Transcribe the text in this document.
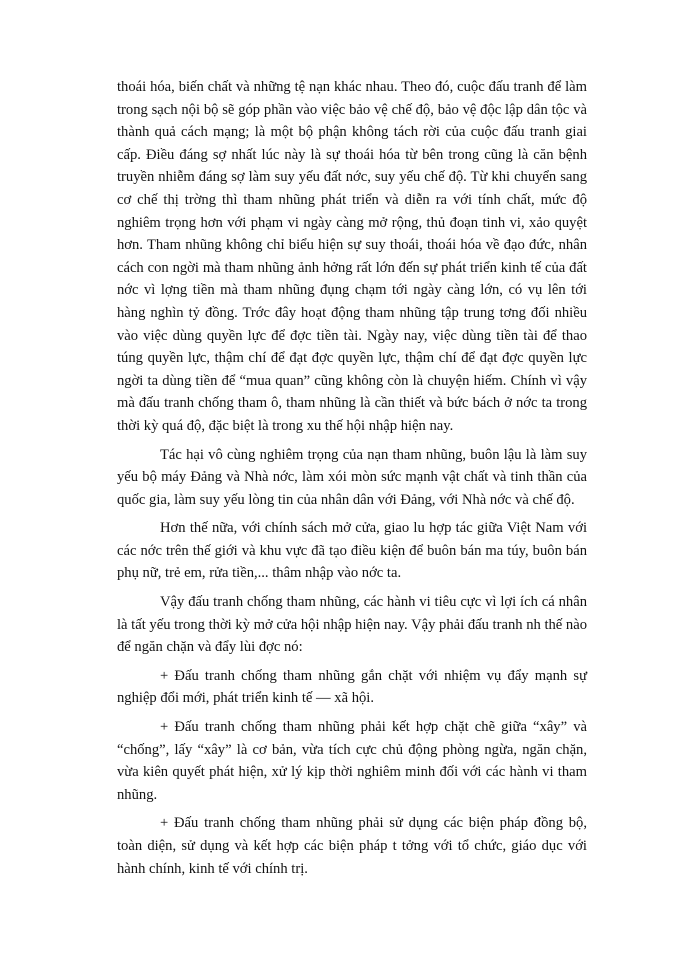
thoái hóa, biến chất và những tệ nạn khác nhau. Theo đó, cuộc đấu tranh để làm trong sạch nội bộ sẽ góp phần vào việc bảo vệ chế độ, bảo vệ độc lập dân tộc và thành quả cách mạng; là một bộ phận không tách rời của cuộc đấu tranh giai cấp. Điều đáng sợ nhất lúc này là sự thoái hóa từ bên trong cũng là căn bệnh truyền nhiễm đáng sợ làm suy yếu đất nớc, suy yếu chế độ. Từ khi chuyển sang cơ chế thị trờng thì tham nhũng phát triển và diễn ra với tính chất, mức độ nghiêm trọng hơn với phạm vi ngày càng mở rộng, thủ đoạn tinh vi, xảo quyệt hơn. Tham nhũng không chỉ biểu hiện sự suy thoái, thoái hóa về đạo đức, nhân cách con ngời mà tham nhũng ảnh hởng rất lớn đến sự phát triển kinh tế của đất nớc vì lợng tiền mà tham nhũng đụng chạm tới ngày càng lớn, có vụ lên tới hàng nghìn tỷ đồng. Trớc đây hoạt động tham nhũng tập trung tơng đối nhiều vào việc dùng quyền lực để đợc tiền tài. Ngày nay, việc dùng tiền tài để thao túng quyền lực, thậm chí để đạt đợc quyền lực, thậm chí để đạt đợc quyền lực ngời ta dùng tiền để “mua quan” cũng không còn là chuyện hiếm. Chính vì vậy mà đấu tranh chống tham ô, tham nhũng là cần thiết và bức bách ở nớc ta trong thời kỳ quá độ, đặc biệt là trong xu thế hội nhập hiện nay.

Tác hại vô cùng nghiêm trọng của nạn tham nhũng, buôn lậu là làm suy yếu bộ máy Đảng và Nhà nớc, làm xói mòn sức mạnh vật chất và tinh thần của quốc gia, làm suy yếu lòng tin của nhân dân với Đảng, với Nhà nớc và chế độ.

Hơn thế nữa, với chính sách mở cửa, giao lu hợp tác giữa Việt Nam với các nớc trên thế giới và khu vực đã tạo điều kiện để buôn bán ma túy, buôn bán phụ nữ, trẻ em, rửa tiền,... thâm nhập vào nớc ta.

Vậy đấu tranh chống tham nhũng, các hành vi tiêu cực vì lợi ích cá nhân là tất yếu trong thời kỳ mở cửa hội nhập hiện nay. Vậy phải đấu tranh nh thế nào để ngăn chặn và đẩy lùi đợc nó:

+ Đấu tranh chống tham nhũng gắn chặt với nhiệm vụ đẩy mạnh sự nghiệp đổi mới, phát triển kinh tế — xã hội.

+ Đấu tranh chống tham nhũng phải kết hợp chặt chẽ giữa “xây” và “chống”, lấy “xây” là cơ bản, vừa tích cực chủ động phòng ngừa, ngăn chặn, vừa kiên quyết phát hiện, xử lý kịp thời nghiêm minh đối với các hành vi tham nhũng.

+ Đấu tranh chống tham nhũng phải sử dụng các biện pháp đồng bộ, toàn diện, sử dụng và kết hợp các biện pháp t tởng với tổ chức, giáo dục với hành chính, kinh tế với chính trị.
